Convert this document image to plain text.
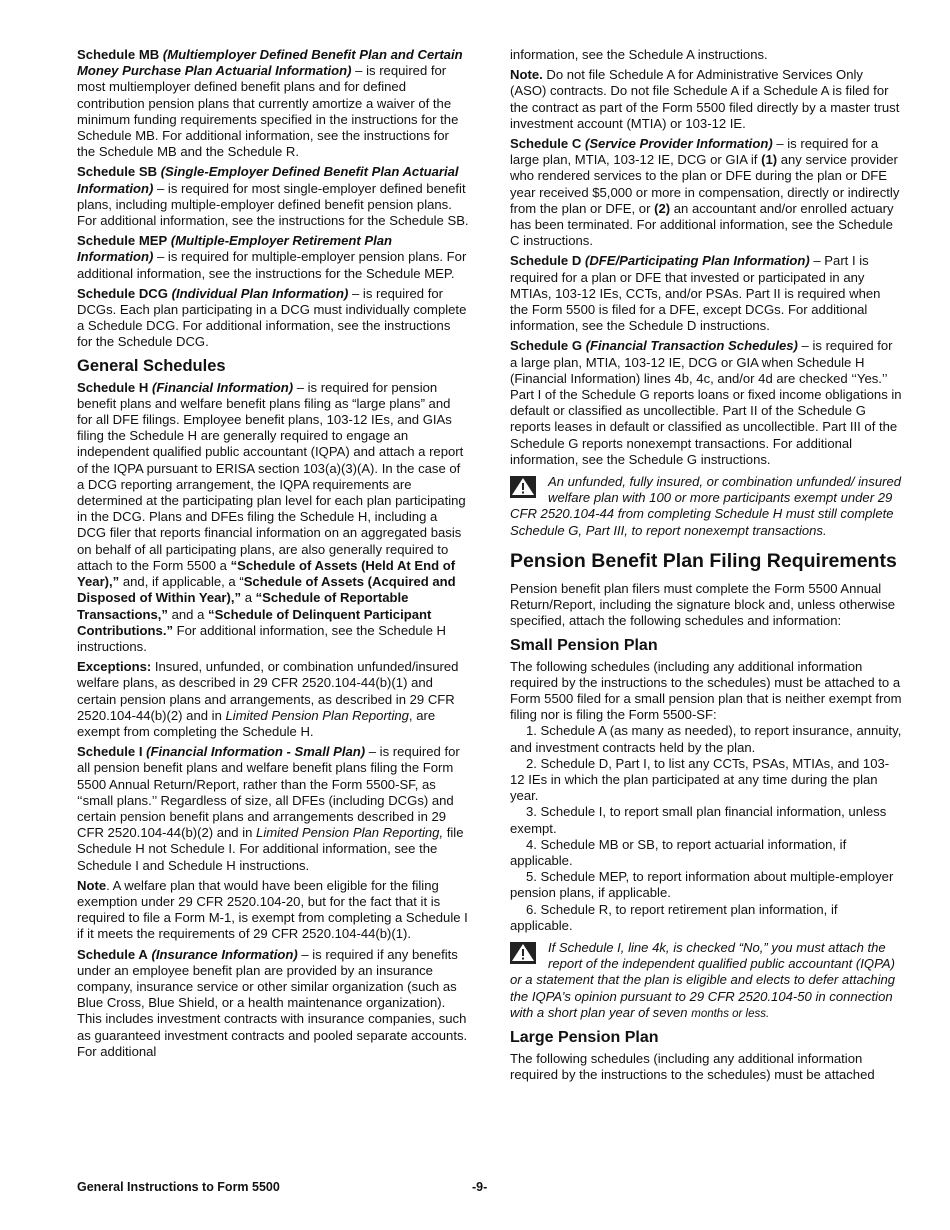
Schedule MB (Multiemployer Defined Benefit Plan and Certain Money Purchase Plan Actuarial Information) – is required for most multiemployer defined benefit plans and for defined contribution pension plans that currently amortize a waiver of the minimum funding requirements specified in the instructions for the Schedule MB. For additional information, see the instructions for the Schedule MB and the Schedule R.

Schedule SB (Single-Employer Defined Benefit Plan Actuarial Information) – is required for most single-employer defined benefit plans, including multiple-employer defined benefit pension plans. For additional information, see the instructions for the Schedule SB.

Schedule MEP (Multiple-Employer Retirement Plan Information) – is required for multiple-employer pension plans. For additional information, see the instructions for the Schedule MEP.

Schedule DCG (Individual Plan Information) – is required for DCGs. Each plan participating in a DCG must individually complete a Schedule DCG. For additional information, see the instructions for the Schedule DCG.

General Schedules

Schedule H (Financial Information) – is required for pension benefit plans and welfare benefit plans filing as “large plans” and for all DFE filings. Employee benefit plans, 103-12 IEs, and GIAs filing the Schedule H are generally required to engage an independent qualified public accountant (IQPA) and attach a report of the IQPA pursuant to ERISA section 103(a)(3)(A). In the case of a DCG reporting arrangement, the IQPA requirements are determined at the participating plan level for each plan participating in the DCG. Plans and DFEs filing the Schedule H, including a DCG filer that reports financial information on an aggregated basis on behalf of all participating plans, are also generally required to attach to the Form 5500 a “Schedule of Assets (Held At End of Year),” and, if applicable, a “Schedule of Assets (Acquired and Disposed of Within Year),” a “Schedule of Reportable Transactions,” and a “Schedule of Delinquent Participant Contributions.” For additional information, see the Schedule H instructions.

Exceptions: Insured, unfunded, or combination unfunded/insured welfare plans, as described in 29 CFR 2520.104-44(b)(1) and certain pension plans and arrangements, as described in 29 CFR 2520.104-44(b)(2) and in Limited Pension Plan Reporting, are exempt from completing the Schedule H.

Schedule I (Financial Information - Small Plan) – is required for all pension benefit plans and welfare benefit plans filing the Form 5500 Annual Return/Report, rather than the Form 5500-SF, as ‘‘small plans.’’ Regardless of size, all DFEs (including DCGs) and certain pension benefit plans and arrangements described in 29 CFR 2520.104-44(b)(2) and in Limited Pension Plan Reporting, file Schedule H not Schedule I. For additional information, see the Schedule I and Schedule H instructions.

Note. A welfare plan that would have been eligible for the filing exemption under 29 CFR 2520.104-20, but for the fact that it is required to file a Form M-1, is exempt from completing a Schedule I if it meets the requirements of 29 CFR 2520.104-44(b)(1).

Schedule A (Insurance Information) – is required if any benefits under an employee benefit plan are provided by an insurance company, insurance service or other similar organization (such as Blue Cross, Blue Shield, or a health maintenance organization). This includes investment contracts with insurance companies, such as guaranteed investment contracts and pooled separate accounts. For additional

information, see the Schedule A instructions.

Note. Do not file Schedule A for Administrative Services Only (ASO) contracts. Do not file Schedule A if a Schedule A is filed for the contract as part of the Form 5500 filed directly by a master trust investment account (MTIA) or 103-12 IE.

Schedule C (Service Provider Information) – is required for a large plan, MTIA, 103-12 IE, DCG or GIA if (1) any service provider who rendered services to the plan or DFE during the plan or DFE year received $5,000 or more in compensation, directly or indirectly from the plan or DFE, or (2) an accountant and/or enrolled actuary has been terminated. For additional information, see the Schedule C instructions.

Schedule D (DFE/Participating Plan Information) – Part I is required for a plan or DFE that invested or participated in any MTIAs, 103-12 IEs, CCTs, and/or PSAs. Part II is required when the Form 5500 is filed for a DFE, except DCGs. For additional information, see the Schedule D instructions.

Schedule G (Financial Transaction Schedules) – is required for a large plan, MTIA, 103-12 IE, DCG or GIA when Schedule H (Financial Information) lines 4b, 4c, and/or 4d are checked ‘‘Yes.’’ Part I of the Schedule G reports loans or fixed income obligations in default or classified as uncollectible. Part II of the Schedule G reports leases in default or classified as uncollectible. Part III of the Schedule G reports nonexempt transactions. For additional information, see the Schedule G instructions.

An unfunded, fully insured, or combination unfunded/ insured welfare plan with 100 or more participants exempt under 29 CFR 2520.104-44 from completing Schedule H must still complete Schedule G, Part III, to report nonexempt transactions.
Pension Benefit Plan Filing Requirements

Pension benefit plan filers must complete the Form 5500 Annual Return/Report, including the signature block and, unless otherwise specified, attach the following schedules and information:

Small Pension Plan

The following schedules (including any additional information required by the instructions to the schedules) must be attached to a Form 5500 filed for a small pension plan that is neither exempt from filing nor is filing the Form 5500-SF:

1. Schedule A (as many as needed), to report insurance, annuity, and investment contracts held by the plan.

2. Schedule D, Part I, to list any CCTs, PSAs, MTIAs, and 103-12 IEs in which the plan participated at any time during the plan year.

3. Schedule I, to report small plan financial information, unless exempt.

4. Schedule MB or SB, to report actuarial information, if applicable.

5. Schedule MEP, to report information about multiple-employer pension plans, if applicable.

6. Schedule R, to report retirement plan information, if applicable.

If Schedule I, line 4k, is checked “No,” you must attach the report of the independent qualified public accountant (IQPA) or a statement that the plan is eligible and elects to defer attaching the IQPA’s opinion pursuant to 29 CFR 2520.104-50 in connection with a short plan year of seven months or less.
Large Pension Plan

The following schedules (including any additional information required by the instructions to the schedules) must be attached

General Instructions to Form 5500	-9-
